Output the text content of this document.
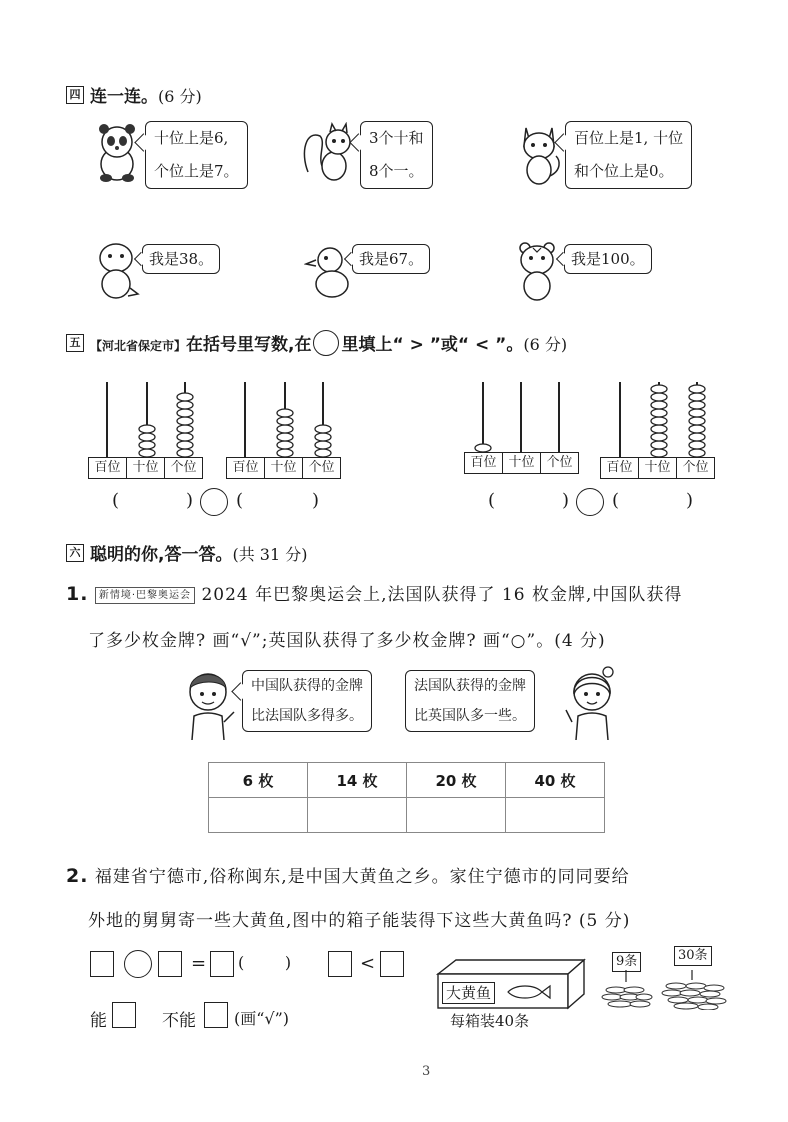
四 连一连。(6 分)
十位上是6,
个位上是7。
3个十和
8个一。
百位上是1, 十位
和个位上是0。
我是38。	我是67。	我是100。
五 【河北省保定市】在括号里写数,在 里填上“ > ”或“ < ”。(6 分)
百位 十位 个位	百位 十位 个位	百位 十位 个位	百位 十位 个位
(	) (	)	(	) (	)
六 聪明的你,答一答。(共 31 分)
1. 新情境·巴黎奥运会 2024 年巴黎奥运会上,法国队获得了 16 枚金牌,中国队获得
了多少枚金牌? 画“√”;英国队获得了多少枚金牌? 画“○”。(4 分)
中国队获得的金牌
比法国队多得多。
法国队获得的金牌
比英国队多一些。
6 枚	14 枚	20 枚	40 枚

2. 福建省宁德市,俗称闽东,是中国大黄鱼之乡。家住宁德市的同同要给
外地的舅舅寄一些大黄鱼,图中的箱子能装得下这些大黄鱼吗? (5 分)
= (        )	<
能	不能 (画“√”)
大黄鱼
每箱装40条
9条	30条
3
